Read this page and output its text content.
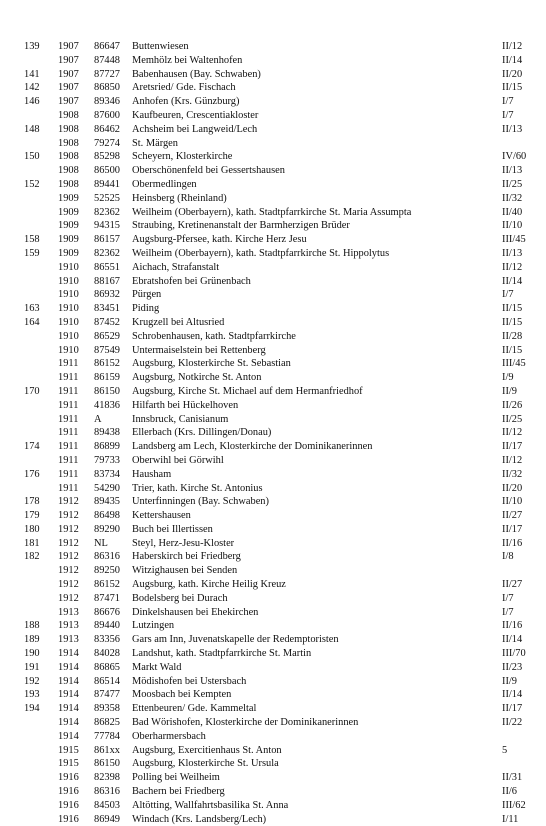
139	1907	86647	Buttenwiesen	II/12
	1907	87448	Memhölz bei Waltenhofen	II/14
141	1907	87727	Babenhausen (Bay. Schwaben)	II/20
142	1907	86850	Aretsried/ Gde. Fischach	II/15
146	1907	89346	Anhofen (Krs. Günzburg)	I/7
	1908	87600	Kaufbeuren, Crescentiakloster	I/7
148	1908	86462	Achsheim bei Langweid/Lech	II/13
	1908	79274	St. Märgen	
150	1908	85298	Scheyern, Klosterkirche	IV/60
	1908	86500	Oberschönenfeld bei Gessertshausen	II/13
152	1908	89441	Obermedlingen	II/25
	1909	52525	Heinsberg (Rheinland)	II/32
	1909	82362	Weilheim (Oberbayern), kath. Stadtpfarrkirche St. Maria Assumpta	II/40
	1909	94315	Straubing, Kretinenanstalt der Barmherzigen Brüder	II/10
158	1909	86157	Augsburg-Pfersee, kath. Kirche Herz Jesu	III/45
159	1909	82362	Weilheim (Oberbayern), kath. Stadtpfarrkirche St. Hippolytus	II/13
	1910	86551	Aichach, Strafanstalt	II/12
	1910	88167	Ebratshofen bei Grünenbach	II/14
	1910	86932	Pürgen	I/7
163	1910	83451	Piding	II/15
164	1910	87452	Krugzell bei Altusried	II/15
	1910	86529	Schrobenhausen, kath. Stadtpfarrkirche	II/28
	1910	87549	Untermaiselstein bei Rettenberg	II/15
	1911	86152	Augsburg, Klosterkirche St. Sebastian	III/45
	1911	86159	Augsburg, Notkirche St. Anton	I/9
170	1911	86150	Augsburg, Kirche St. Michael auf dem Hermanfriedhof	II/9
	1911	41836	Hilfarth bei Hückelhoven	II/26
	1911	A	Innsbruck, Canisianum	II/25
	1911	89438	Ellerbach (Krs. Dillingen/Donau)	II/12
174	1911	86899	Landsberg am Lech, Klosterkirche der Dominikanerinnen	II/17
	1911	79733	Oberwihl bei Görwihl	II/12
176	1911	83734	Hausham	II/32
	1911	54290	Trier, kath. Kirche St. Antonius	II/20
178	1912	89435	Unterfinningen (Bay. Schwaben)	II/10
179	1912	86498	Kettershausen	II/27
180	1912	89290	Buch bei Illertissen	II/17
181	1912	NL	Steyl, Herz-Jesu-Kloster	II/16
182	1912	86316	Haberskirch bei Friedberg	I/8
	1912	89250	Witzighausen bei Senden	
	1912	86152	Augsburg, kath. Kirche Heilig Kreuz	II/27
	1912	87471	Bodelsberg bei Durach	I/7
	1913	86676	Dinkelshausen bei Ehekirchen	I/7
188	1913	89440	Lutzingen	II/16
189	1913	83356	Gars am Inn, Juvenatskapelle der Redemptoristen	II/14
190	1914	84028	Landshut, kath. Stadtpfarrkirche St. Martin	III/70
191	1914	86865	Markt Wald	II/23
192	1914	86514	Mödishofen bei Ustersbach	II/9
193	1914	87477	Moosbach bei Kempten	II/14
194	1914	89358	Ettenbeuren/ Gde. Kammeltal	II/17
	1914	86825	Bad Wörishofen, Klosterkirche der Dominikanerinnen	II/22
	1914	77784	Oberharmersbach	
	1915	861xx	Augsburg, Exercitienhaus St. Anton	5
	1915	86150	Augsburg, Klosterkirche St. Ursula	
	1916	82398	Polling bei Weilheim	II/31
	1916	86316	Bachern bei Friedberg	II/6
	1916	84503	Altötting, Wallfahrtsbasilika St. Anna	III/62
	1916	86949	Windach (Krs. Landsberg/Lech)	I/11
